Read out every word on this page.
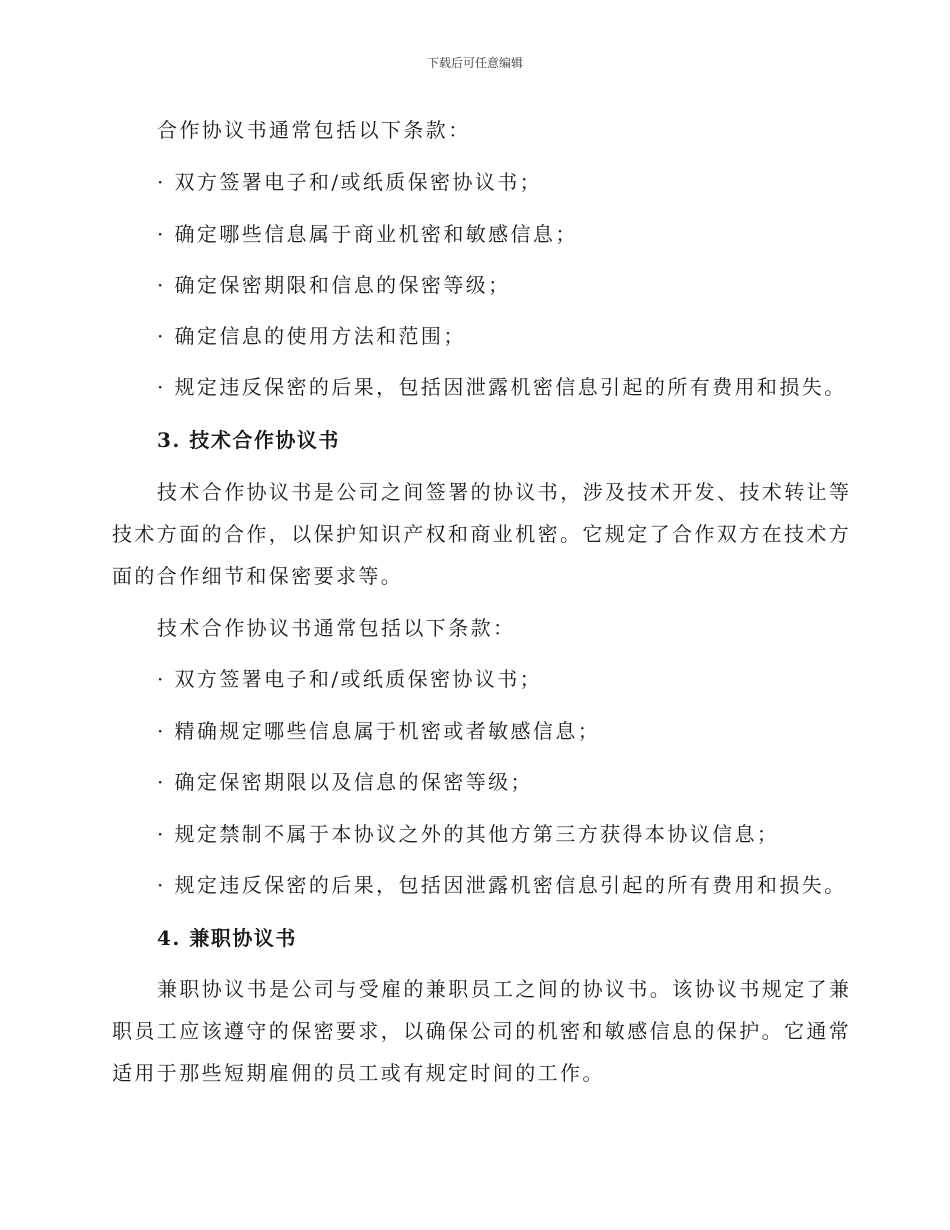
下载后可任意编辑
合作协议书通常包括以下条款：
· 双方签署电子和/或纸质保密协议书；
· 确定哪些信息属于商业机密和敏感信息；
· 确定保密期限和信息的保密等级；
· 确定信息的使用方法和范围；
· 规定违反保密的后果，包括因泄露机密信息引起的所有费用和损失。
3. 技术合作协议书
技术合作协议书是公司之间签署的协议书，涉及技术开发、技术转让等
技术方面的合作，以保护知识产权和商业机密。它规定了合作双方在技术方
面的合作细节和保密要求等。
技术合作协议书通常包括以下条款：
· 双方签署电子和/或纸质保密协议书；
· 精确规定哪些信息属于机密或者敏感信息；
· 确定保密期限以及信息的保密等级；
· 规定禁制不属于本协议之外的其他方第三方获得本协议信息；
· 规定违反保密的后果，包括因泄露机密信息引起的所有费用和损失。
4. 兼职协议书
兼职协议书是公司与受雇的兼职员工之间的协议书。该协议书规定了兼
职员工应该遵守的保密要求，以确保公司的机密和敏感信息的保护。它通常
适用于那些短期雇佣的员工或有规定时间的工作。
